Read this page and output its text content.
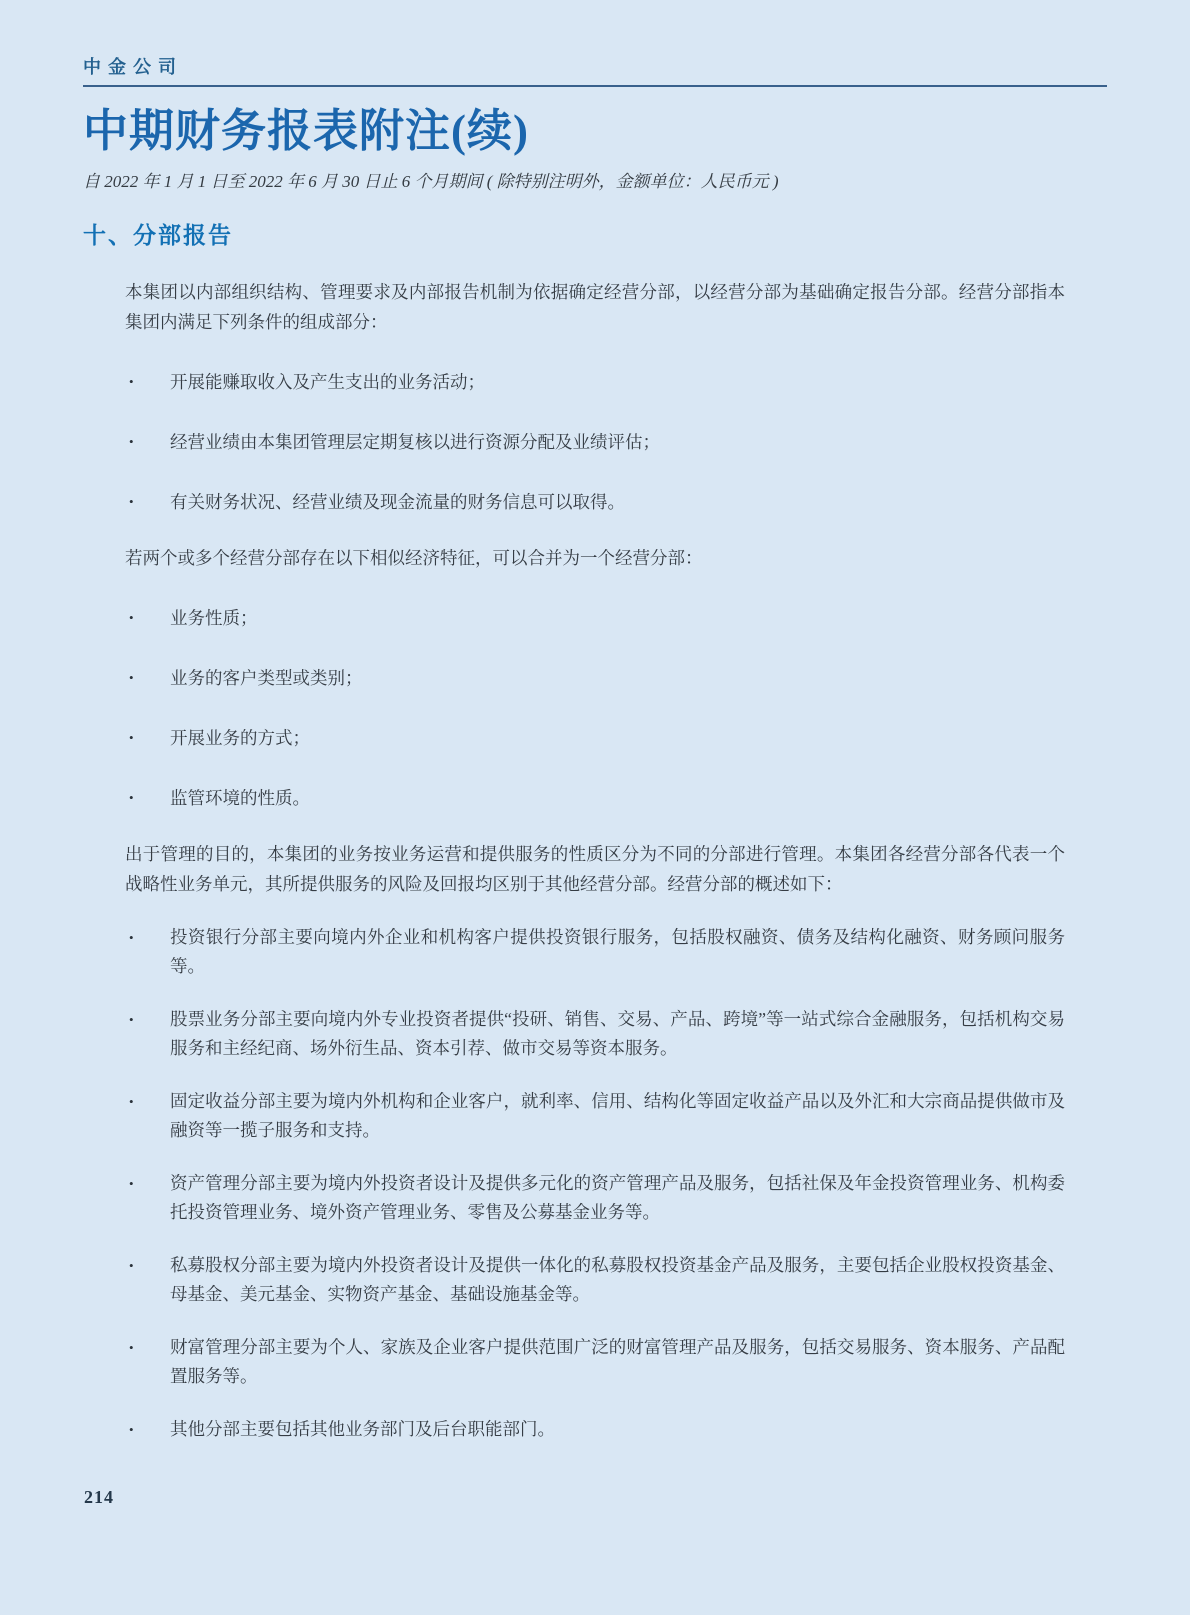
中金公司
中期财务报表附注(续)
自 2022 年 1 月 1 日至 2022 年 6 月 30 日止 6 个月期间 ( 除特别注明外，金额单位：人民币元 )
十、分部报告

本集团以内部组织结构、管理要求及内部报告机制为依据确定经营分部，以经营分部为基础确定报告分部。经营分部指本集团内满足下列条件的组成部分：

•	开展能赚取收入及产生支出的业务活动；
•	经营业绩由本集团管理层定期复核以进行资源分配及业绩评估；
•	有关财务状况、经营业绩及现金流量的财务信息可以取得。

若两个或多个经营分部存在以下相似经济特征，可以合并为一个经营分部：

•	业务性质；
•	业务的客户类型或类别；
•	开展业务的方式；
•	监管环境的性质。

出于管理的目的，本集团的业务按业务运营和提供服务的性质区分为不同的分部进行管理。本集团各经营分部各代表一个战略性业务单元，其所提供服务的风险及回报均区别于其他经营分部。经营分部的概述如下：

•	投资银行分部主要向境内外企业和机构客户提供投资银行服务，包括股权融资、债务及结构化融资、财务顾问服务等。
•	股票业务分部主要向境内外专业投资者提供“投研、销售、交易、产品、跨境”等一站式综合金融服务，包括机构交易服务和主经纪商、场外衍生品、资本引荐、做市交易等资本服务。
•	固定收益分部主要为境内外机构和企业客户，就利率、信用、结构化等固定收益产品以及外汇和大宗商品提供做市及融资等一揽子服务和支持。
•	资产管理分部主要为境内外投资者设计及提供多元化的资产管理产品及服务，包括社保及年金投资管理业务、机构委托投资管理业务、境外资产管理业务、零售及公募基金业务等。
•	私募股权分部主要为境内外投资者设计及提供一体化的私募股权投资基金产品及服务，主要包括企业股权投资基金、母基金、美元基金、实物资产基金、基础设施基金等。
•	财富管理分部主要为个人、家族及企业客户提供范围广泛的财富管理产品及服务，包括交易服务、资本服务、产品配置服务等。
•	其他分部主要包括其他业务部门及后台职能部门。
214
